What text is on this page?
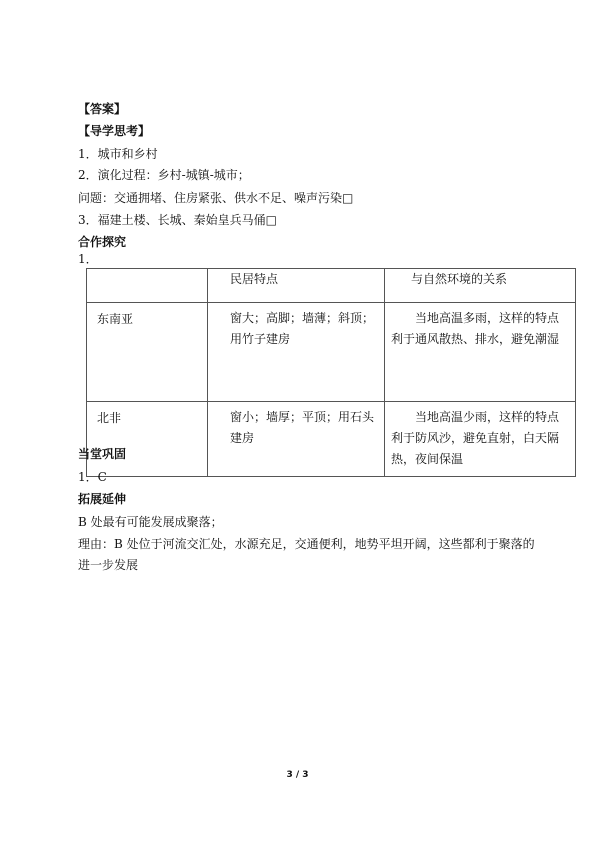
【答案】
【导学思考】
1．城市和乡村
2．演化过程：乡村-城镇-城市；
问题：交通拥堵、住房紧张、供水不足、噪声污染□
3．福建土楼、长城、秦始皇兵马俑□
合作探究
1．
	民居特点	与自然环境的关系
东南亚	窗大；高脚；墙薄；斜顶；用竹子建房	当地高温多雨，这样的特点利于通风散热、排水，避免潮湿

北非	窗小；墙厚；平顶；用石头建房	当地高温少雨，这样的特点利于防风沙，避免直射，白天隔热，夜间保温
当堂巩固
1．C
拓展延伸
B 处最有可能发展成聚落；
理由：B 处位于河流交汇处，水源充足，交通便利，地势平坦开阔，这些都利于聚落的
进一步发展
3 / 3
